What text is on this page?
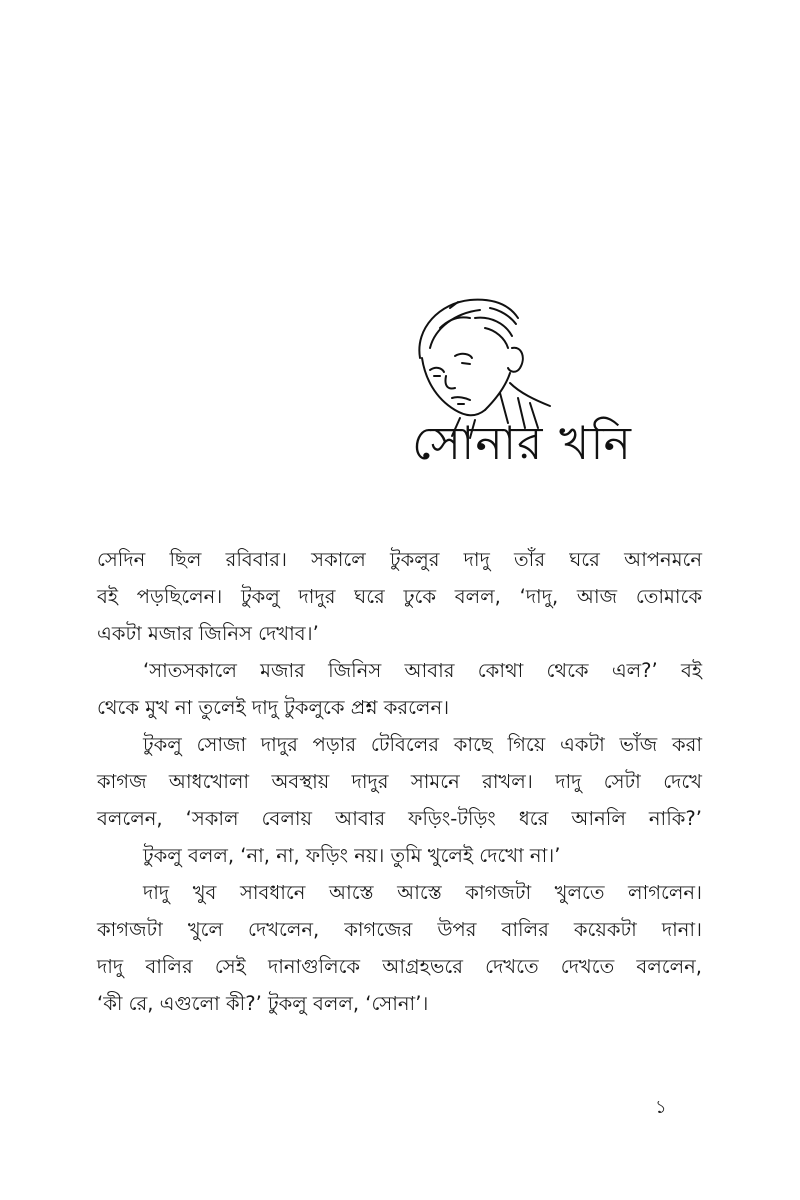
সোনার খনি
সেদিন ছিল রবিবার। সকালে টুকলুর দাদু তাঁর ঘরে আপনমনে
বই পড়ছিলেন। টুকলু দাদুর ঘরে ঢুকে বলল, ‘দাদু, আজ তোমাকে
একটা মজার জিনিস দেখাব।’
‘সাতসকালে মজার জিনিস আবার কোথা থেকে এল?’ বই
থেকে মুখ না তুলেই দাদু টুকলুকে প্রশ্ন করলেন।
টুকলু সোজা দাদুর পড়ার টেবিলের কাছে গিয়ে একটা ভাঁজ করা
কাগজ আধখোলা অবস্থায় দাদুর সামনে রাখল। দাদু সেটা দেখে
বললেন, ‘সকাল বেলায় আবার ফড়িং-টড়িং ধরে আনলি নাকি?’
টুকলু বলল, ‘না, না, ফড়িং নয়। তুমি খুলেই দেখো না।’
দাদু খুব সাবধানে আস্তে আস্তে কাগজটা খুলতে লাগলেন।
কাগজটা খুলে দেখলেন, কাগজের উপর বালির কয়েকটা দানা।
দাদু বালির সেই দানাগুলিকে আগ্রহভরে দেখতে দেখতে বললেন,
‘কী রে, এগুলো কী?’ টুকলু বলল, ‘সোনা’।
১
